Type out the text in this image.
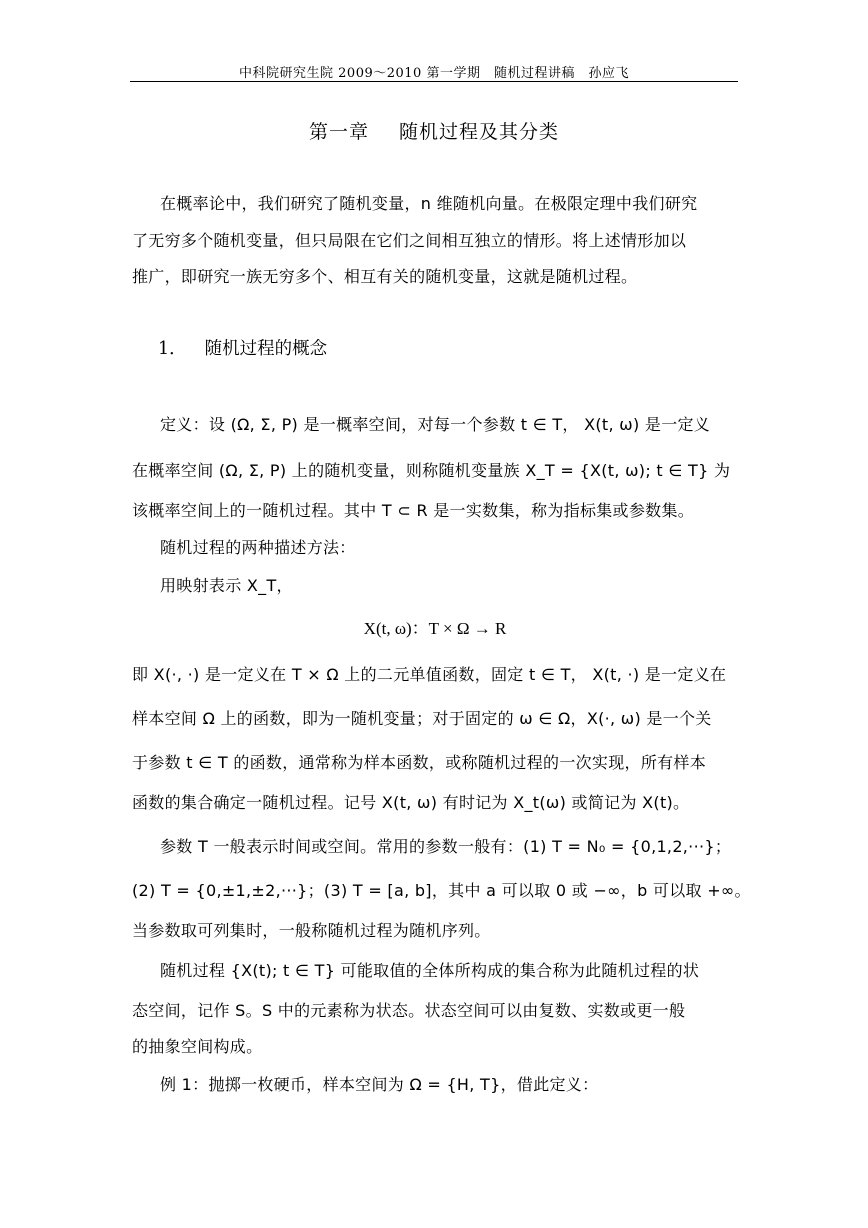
中科院研究生院 2009～2010 第一学期　随机过程讲稿　孙应飞
第一章 随机过程及其分类
在概率论中，我们研究了随机变量，n 维随机向量。在极限定理中我们研究
了无穷多个随机变量，但只局限在它们之间相互独立的情形。将上述情形加以
推广，即研究一族无穷多个、相互有关的随机变量，这就是随机过程。
1． 随机过程的概念
定义：设 (Ω, Σ, P) 是一概率空间，对每一个参数 t ∈ T， X(t, ω) 是一定义
在概率空间 (Ω, Σ, P) 上的随机变量，则称随机变量族 X_T = {X(t, ω); t ∈ T} 为
该概率空间上的一随机过程。其中 T ⊂ R 是一实数集，称为指标集或参数集。
随机过程的两种描述方法：
用映射表示 X_T，
X(t, ω)：T × Ω → R
即 X(·, ·) 是一定义在 T × Ω 上的二元单值函数，固定 t ∈ T， X(t, ·) 是一定义在
样本空间 Ω 上的函数，即为一随机变量；对于固定的 ω ∈ Ω，X(·, ω) 是一个关
于参数 t ∈ T 的函数，通常称为样本函数，或称随机过程的一次实现，所有样本
函数的集合确定一随机过程。记号 X(t, ω) 有时记为 X_t(ω) 或简记为 X(t)。
参数 T 一般表示时间或空间。常用的参数一般有：(1) T = N₀ = {0,1,2,···}；
(2) T = {0,±1,±2,···}；(3) T = [a, b]，其中 a 可以取 0 或 −∞，b 可以取 +∞。
当参数取可列集时，一般称随机过程为随机序列。
随机过程 {X(t); t ∈ T} 可能取值的全体所构成的集合称为此随机过程的状
态空间，记作 S。S 中的元素称为状态。状态空间可以由复数、实数或更一般
的抽象空间构成。
例 1：抛掷一枚硬币，样本空间为 Ω = {H, T}，借此定义：
